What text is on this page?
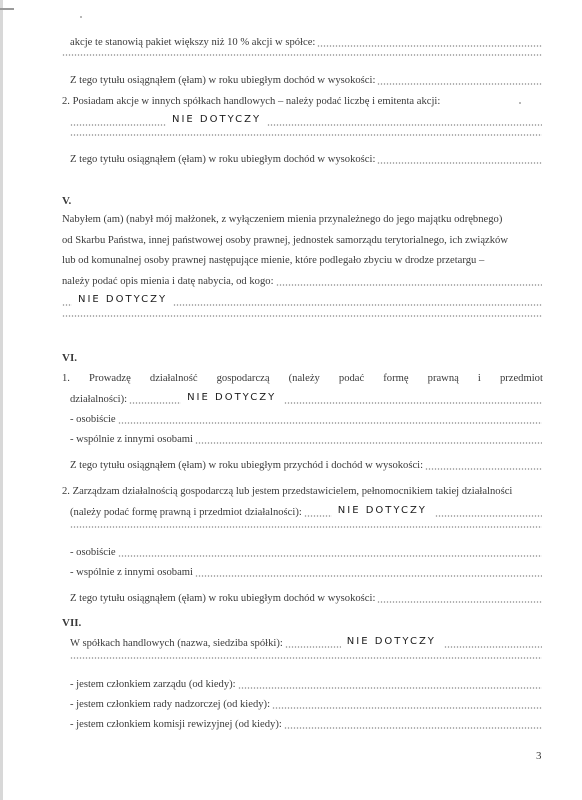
akcje te stanowią pakiet większy niż 10 % akcji w spółce:
Z tego tytułu osiągnąłem (ęłam) w roku ubiegłym dochód w wysokości:
2. Posiadam akcje w innych spółkach handlowych – należy podać liczbę i emitenta akcji:
NIE DOTYCZY
Z tego tytułu osiągnąłem (ęłam) w roku ubiegłym dochód w wysokości:
V.
Nabyłem (am) (nabył mój małżonek, z wyłączeniem mienia przynależnego do jego majątku odrębnego)
od Skarbu Państwa, innej państwowej osoby prawnej, jednostek samorządu terytorialnego, ich związków
lub od komunalnej osoby prawnej następujące mienie, które podlegało zbyciu w drodze przetargu –
należy podać opis mienia i datę nabycia, od kogo:
NIE DOTYCZY
VI.
1. Prowadzę działalność gospodarczą (należy podać formę prawną i przedmiot
działalności):	NIE DOTYCZY
- osobiście
- wspólnie z innymi osobami
Z tego tytułu osiągnąłem (ęłam) w roku ubiegłym przychód i dochód w wysokości:
2. Zarządzam działalnością gospodarczą lub jestem przedstawicielem, pełnomocnikiem takiej działalności
(należy podać formę prawną i przedmiot działalności):	NIE DOTYCZY
- osobiście
- wspólnie z innymi osobami
Z tego tytułu osiągnąłem (ęłam) w roku ubiegłym dochód w wysokości:
VII.
W spółkach handlowych (nazwa, siedziba spółki):	NIE DOTYCZY
- jestem członkiem zarządu (od kiedy):
- jestem członkiem rady nadzorczej (od kiedy):
- jestem członkiem komisji rewizyjnej (od kiedy):
3
